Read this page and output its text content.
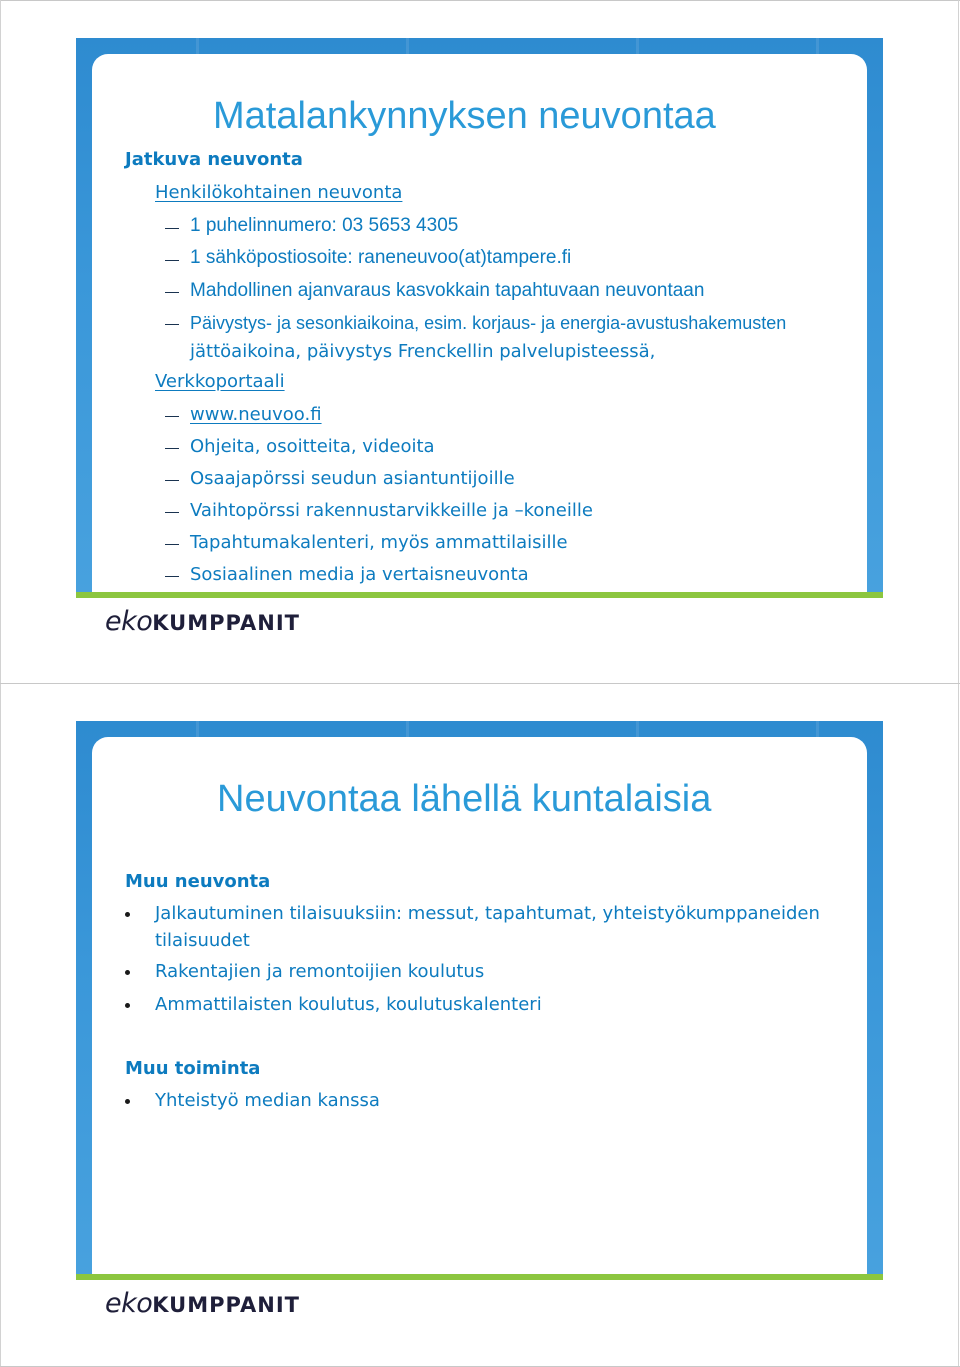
Matalankynnyksen neuvontaa
Jatkuva neuvonta
Henkilökohtainen neuvonta
1 puhelinnumero: 03 5653 4305
1 sähköpostiosoite: raneneuvoo(at)tampere.fi
Mahdollinen ajanvaraus kasvokkain tapahtuvaan neuvontaan
Päivystys- ja sesonkiaikoina, esim. korjaus- ja energia-avustushakemusten
jättöaikoina, päivystys Frenckellin palvelupisteessä,
Verkkoportaali
www.neuvoo.fi
Ohjeita, osoitteita, videoita
Osaajapörssi seudun asiantuntijoille
Vaihtopörssi rakennustarvikkeille ja –koneille
Tapahtumakalenteri, myös ammattilaisille
Sosiaalinen media ja vertaisneuvonta
ekoKUMPPANIT
Neuvontaa lähellä kuntalaisia
Muu neuvonta
Jalkautuminen tilaisuuksiin: messut, tapahtumat, yhteistyökumppaneiden
tilaisuudet
Rakentajien ja remontoijien koulutus
Ammattilaisten koulutus, koulutuskalenteri
Muu toiminta
Yhteistyö median kanssa
ekoKUMPPANIT
